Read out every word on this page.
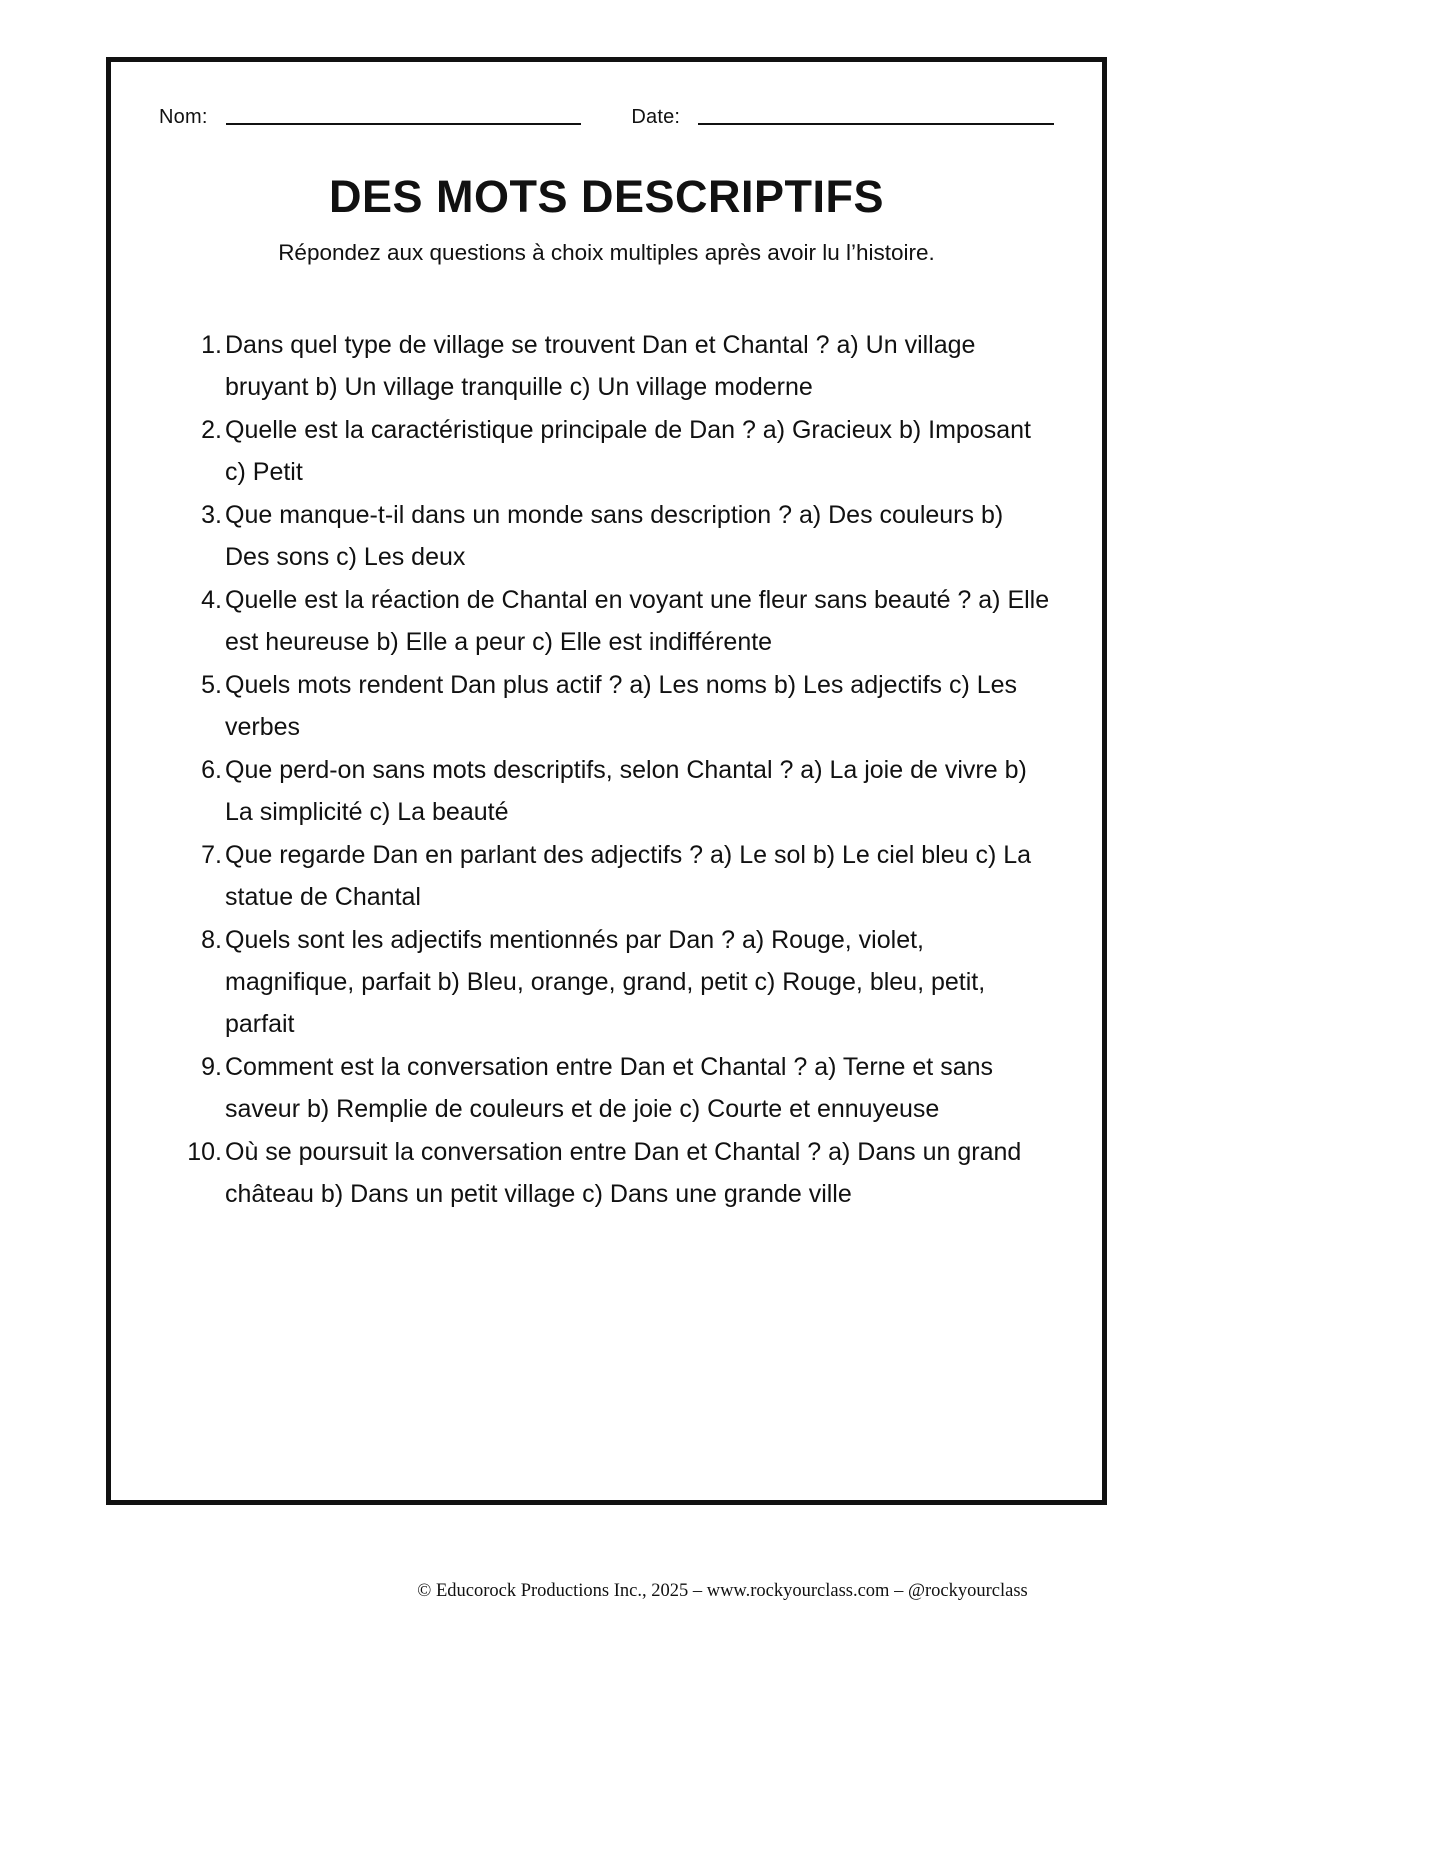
Nom:	Date:
DES MOTS DESCRIPTIFS
Répondez aux questions à choix multiples après avoir lu l’histoire.
1. Dans quel type de village se trouvent Dan et Chantal ? a) Un village bruyant b) Un village tranquille c) Un village moderne
2. Quelle est la caractéristique principale de Dan ? a) Gracieux b) Imposant c) Petit
3. Que manque-t-il dans un monde sans description ? a) Des couleurs b) Des sons c) Les deux
4. Quelle est la réaction de Chantal en voyant une fleur sans beauté ? a) Elle est heureuse b) Elle a peur c) Elle est indifférente
5. Quels mots rendent Dan plus actif ? a) Les noms b) Les adjectifs c) Les verbes
6. Que perd-on sans mots descriptifs, selon Chantal ? a) La joie de vivre b) La simplicité c) La beauté
7. Que regarde Dan en parlant des adjectifs ? a) Le sol b) Le ciel bleu c) La statue de Chantal
8. Quels sont les adjectifs mentionnés par Dan ? a) Rouge, violet, magnifique, parfait b) Bleu, orange, grand, petit c) Rouge, bleu, petit, parfait
9. Comment est la conversation entre Dan et Chantal ? a) Terne et sans saveur b) Remplie de couleurs et de joie c) Courte et ennuyeuse
10. Où se poursuit la conversation entre Dan et Chantal ? a) Dans un grand château b) Dans un petit village c) Dans une grande ville
© Educorock Productions Inc., 2025 – www.rockyourclass.com – @rockyourclass
